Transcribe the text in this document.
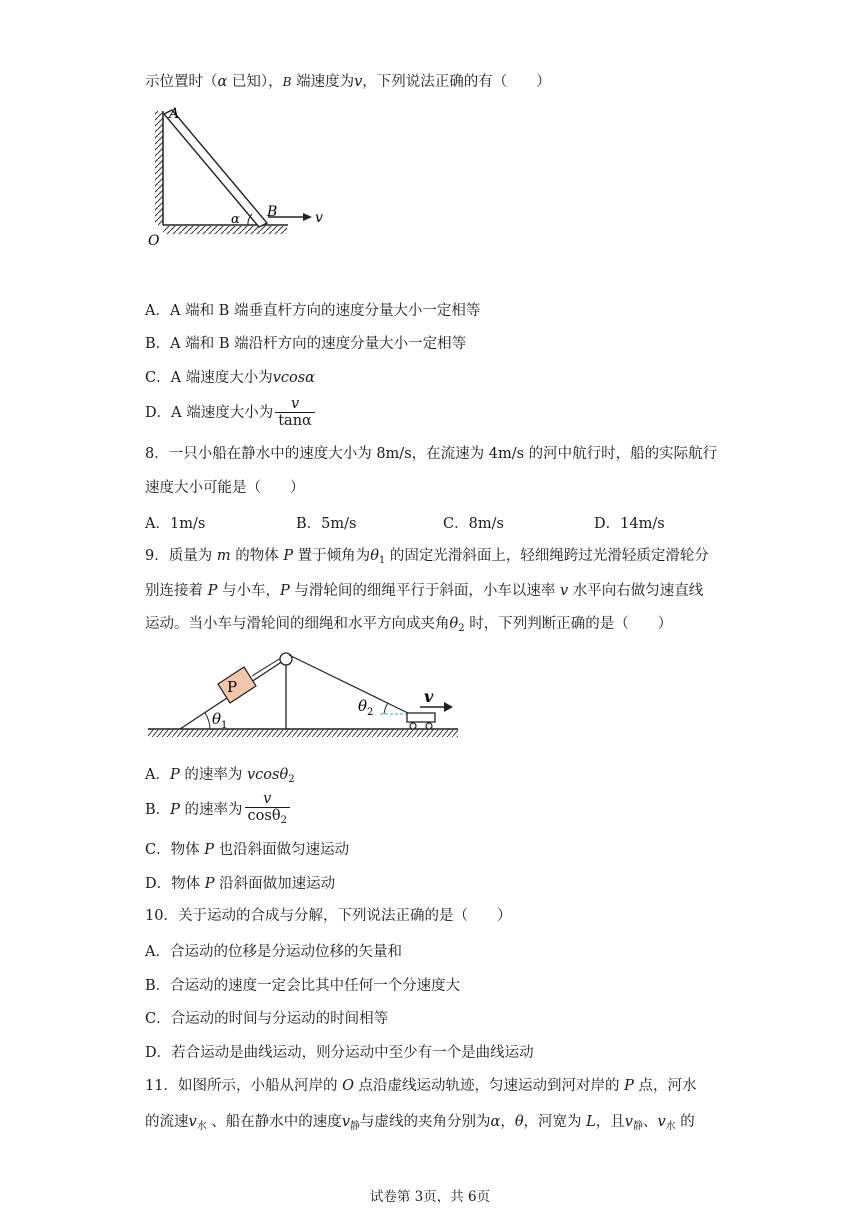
示位置时（α 已知），B 端速度为v，下列说法正确的有（　　）
A
B
O
α	v
A．A 端和 B 端垂直杆方向的速度分量大小一定相等
B．A 端和 B 端沿杆方向的速度分量大小一定相等
C．A 端速度大小为vcosα
D．A 端速度大小为 $\frac{v}{\tan\alpha}$
8．一只小船在静水中的速度大小为 8m/s，在流速为 4m/s 的河中航行时，船的实际航行
速度大小可能是（　　）
A．1m/s	B．5m/s	C．8m/s	D．14m/s
9．质量为 m 的物体 P 置于倾角为$\theta_1$ 的固定光滑斜面上，轻细绳跨过光滑轻质定滑轮分
别连接着 P 与小车，P 与滑轮间的细绳平行于斜面，小车以速率 v 水平向右做匀速直线
运动。当小车与滑轮间的细绳和水平方向成夹角$\theta_2$ 时，下列判断正确的是（　　）
P
$\theta_1$
$\theta_2$
v
A．P 的速率为 vcosθ$_2$
B．P 的速率为 $\frac{v}{\cos\theta_2}$
C．物体 P 也沿斜面做匀速运动
D．物体 P 沿斜面做加速运动
10．关于运动的合成与分解，下列说法正确的是（　　）
A．合运动的位移是分运动位移的矢量和
B．合运动的速度一定会比其中任何一个分速度大
C．合运动的时间与分运动的时间相等
D．若合运动是曲线运动，则分运动中至少有一个是曲线运动
11．如图所示，小船从河岸的 O 点沿虚线运动轨迹，匀速运动到河对岸的 P 点，河水
的流速$v_水$ 、船在静水中的速度$v_静$与虚线的夹角分别为α，θ，河宽为 L，且$v_静$、$v_水$ 的
试卷第 3页，共 6页
